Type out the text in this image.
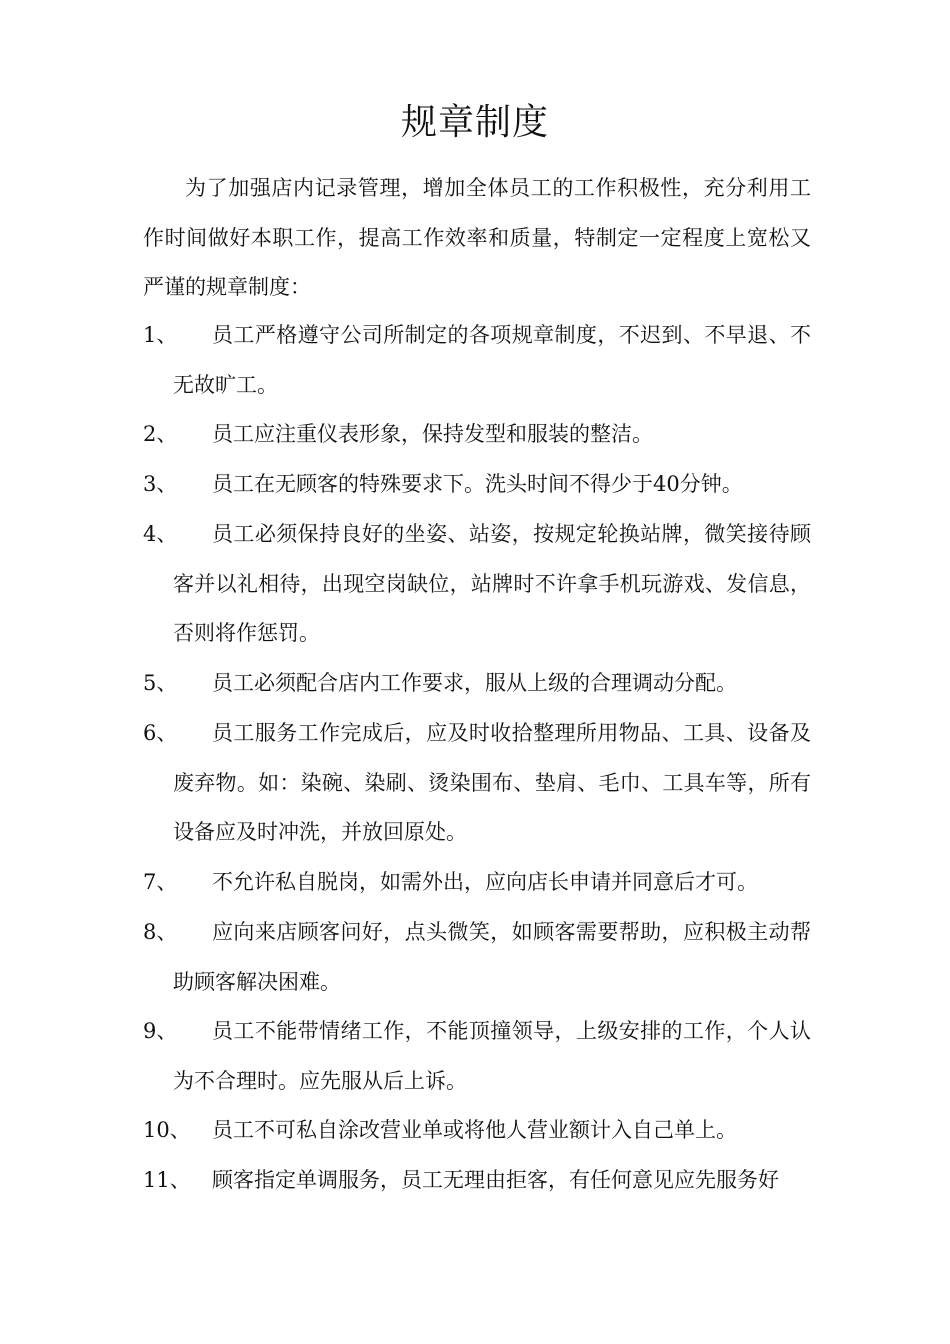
规章制度

为了加强店内记录管理，增加全体员工的工作积极性，充分利用工作时间做好本职工作，提高工作效率和质量，特制定一定程度上宽松又严谨的规章制度：

1、	员工严格遵守公司所制定的各项规章制度，不迟到、不早退、不无故旷工。
2、	员工应注重仪表形象，保持发型和服装的整洁。
3、	员工在无顾客的特殊要求下。洗头时间不得少于40分钟。
4、	员工必须保持良好的坐姿、站姿，按规定轮换站牌，微笑接待顾客并以礼相待，出现空岗缺位，站牌时不许拿手机玩游戏、发信息，否则将作惩罚。
5、	员工必须配合店内工作要求，服从上级的合理调动分配。
6、	员工服务工作完成后，应及时收拾整理所用物品、工具、设备及废弃物。如：染碗、染刷、烫染围布、垫肩、毛巾、工具车等，所有设备应及时冲洗，并放回原处。
7、	不允许私自脱岗，如需外出，应向店长申请并同意后才可。
8、	应向来店顾客问好，点头微笑，如顾客需要帮助，应积极主动帮助顾客解决困难。
9、	员工不能带情绪工作，不能顶撞领导，上级安排的工作，个人认为不合理时。应先服从后上诉。
10、	员工不可私自涂改营业单或将他人营业额计入自己单上。
11、	顾客指定单调服务，员工无理由拒客，有任何意见应先服务好
